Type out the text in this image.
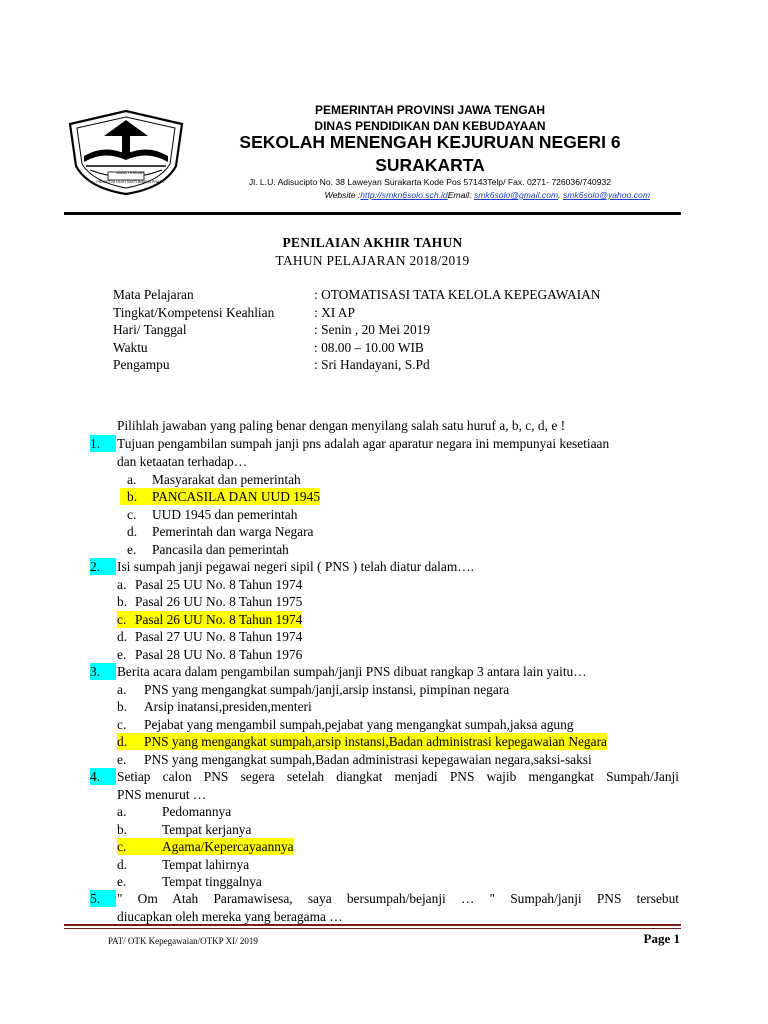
JAWA TENGAH
PRASETYA ULAH SAKTI BHAKTI PRAJA
PEMERINTAH PROVINSI JAWA TENGAH
DINAS PENDIDIKAN DAN KEBUDAYAAN
SEKOLAH MENENGAH KEJURUAN NEGERI 6
SURAKARTA
Jl. L.U. Adisucipto No. 38 Laweyan Surakarta Kode Pos 57143Telp/ Fax. 0271- 726036/740932
Website :http://smkn6solo.sch.idEmail: smk6solo@gmail.com, smk6solo@yahoo.com
PENILAIAN AKHIR TAHUN
TAHUN PELAJARAN 2018/2019
Mata Pelajaran	: OTOMATISASI TATA KELOLA KEPEGAWAIAN
Tingkat/Kompetensi Keahlian	: XI AP
Hari/ Tanggal	: Senin , 20 Mei 2019
Waktu	: 08.00 – 10.00 WIB
Pengampu	: Sri Handayani, S.Pd
Pilihlah jawaban yang paling benar dengan menyilang salah satu huruf a, b, c, d, e !
1.	Tujuan pengambilan sumpah janji pns adalah agar aparatur negara ini mempunyai kesetiaan
dan ketaatan terhadap…
a. Masyarakat dan pemerintah
b.	PANCASILA DAN UUD 1945
c. UUD 1945 dan pemerintah
d. Pemerintah dan warga Negara
e. Pancasila dan pemerintah
2.	Isi sumpah janji pegawai negeri sipil ( PNS ) telah diatur dalam….
a. Pasal 25 UU No. 8 Tahun 1974
b. Pasal 26 UU No. 8 Tahun 1975
c. Pasal 26 UU No. 8 Tahun 1974
d. Pasal 27 UU No. 8 Tahun 1974
e. Pasal 28 UU No. 8 Tahun 1976
3.	Berita acara dalam pengambilan sumpah/janji PNS dibuat rangkap 3 antara lain yaitu…
a. PNS yang mengangkat sumpah/janji,arsip instansi, pimpinan negara
b. Arsip inatansi,presiden,menteri
c. Pejabat yang mengambil sumpah,pejabat yang mengangkat sumpah,jaksa agung
d.	PNS yang mengangkat sumpah,arsip instansi,Badan administrasi kepegawaian Negara
e. PNS yang mengangkat sumpah,Badan administrasi kepegawaian negara,saksi-saksi
4.	Setiap calon PNS segera setelah diangkat menjadi PNS wajib mengangkat Sumpah/Janji
PNS menurut …
a.	Pedomannya
b.	Tempat kerjanya
c.	Agama/Kepercayaannya
d.	Tempat lahirnya
e.	Tempat tinggalnya
5.	" Om Atah Paramawisesa, saya bersumpah/bejanji … " Sumpah/janji PNS tersebut
diucapkan oleh mereka yang beragama …
PAT/ OTK Kepegawaian/OTKP XI/ 2019	Page 1
